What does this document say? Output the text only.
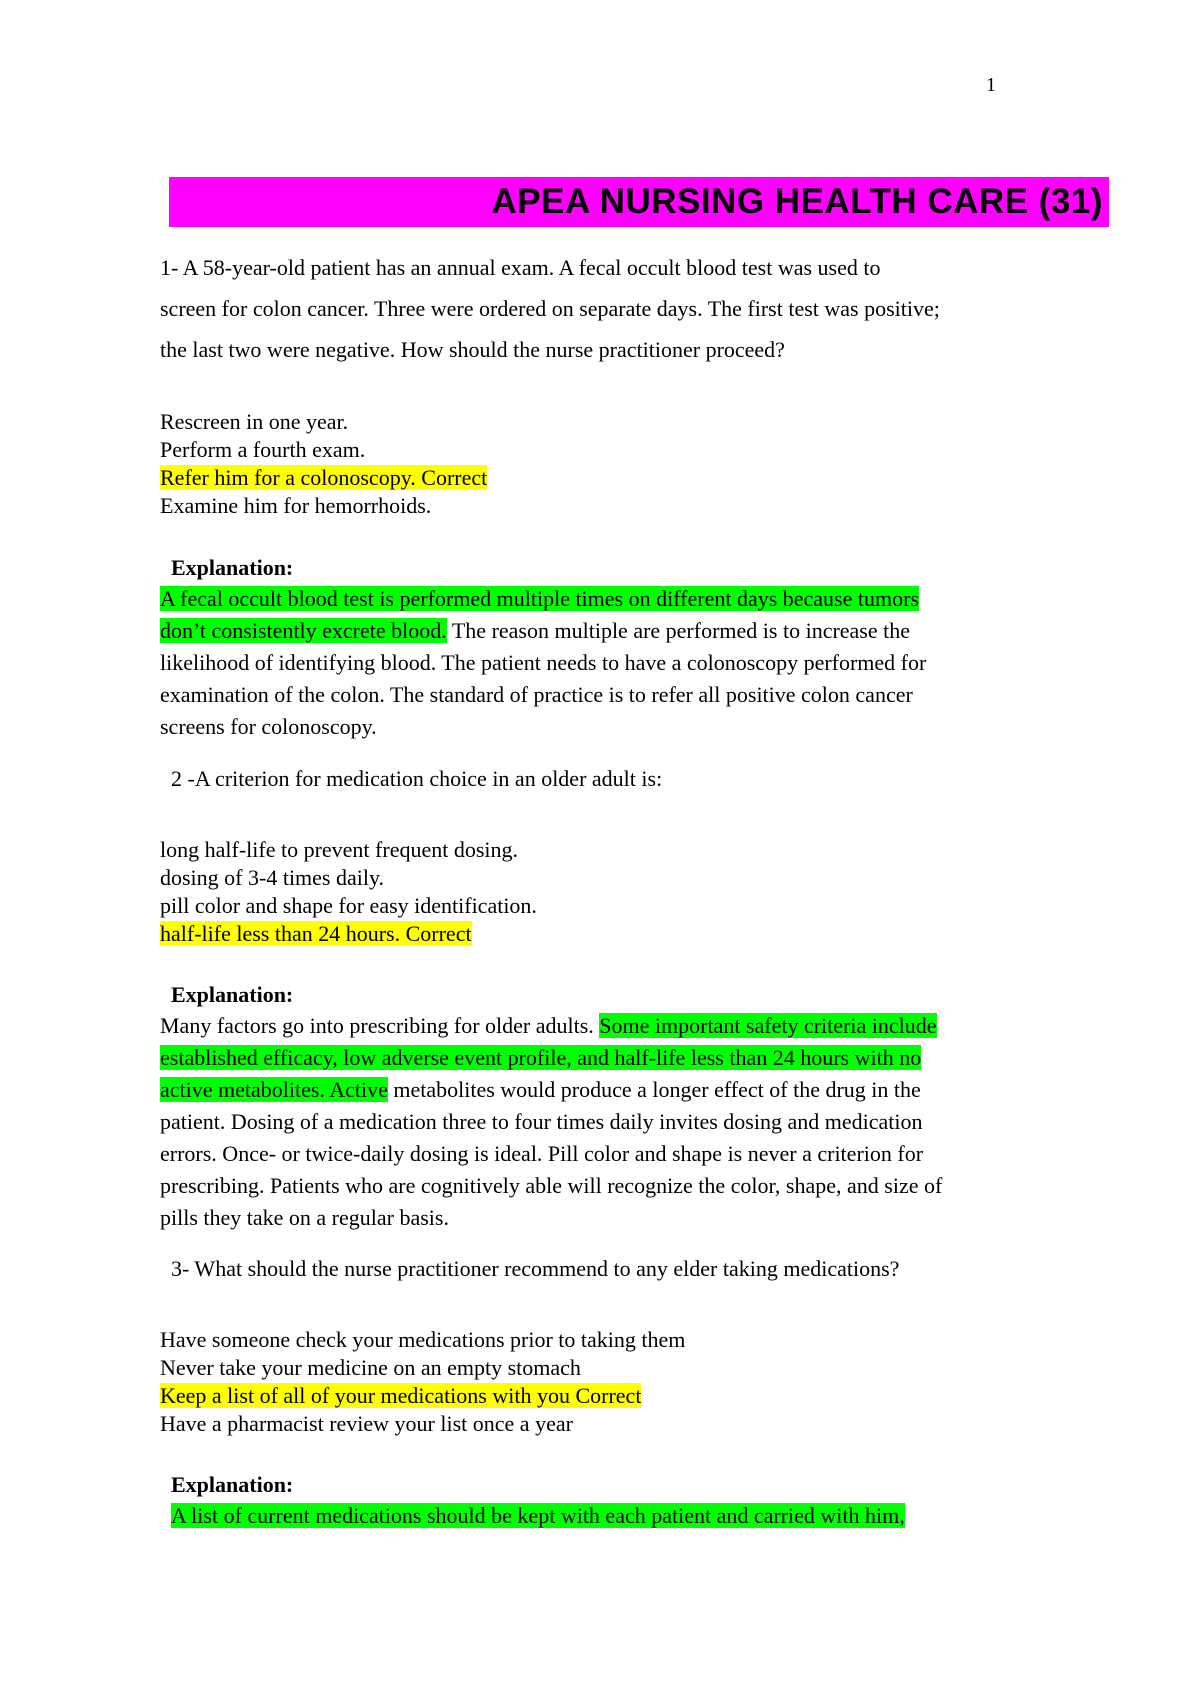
1
APEA NURSING HEALTH CARE (31)
1- A 58-year-old patient has an annual exam. A fecal occult blood test was used to
screen for colon cancer. Three were ordered on separate days. The first test was positive;
the last two were negative. How should the nurse practitioner proceed?
Rescreen in one year.
Perform a fourth exam.
Refer him for a colonoscopy. Correct
Examine him for hemorrhoids.
Explanation:
A fecal occult blood test is performed multiple times on different days because tumors
don’t consistently excrete blood. The reason multiple are performed is to increase the
likelihood of identifying blood. The patient needs to have a colonoscopy performed for
examination of the colon. The standard of practice is to refer all positive colon cancer
screens for colonoscopy.
2 -A criterion for medication choice in an older adult is:
long half-life to prevent frequent dosing.
dosing of 3-4 times daily.
pill color and shape for easy identification.
half-life less than 24 hours. Correct
Explanation:
Many factors go into prescribing for older adults. Some important safety criteria include
established efficacy, low adverse event profile, and half-life less than 24 hours with no
active metabolites. Active metabolites would produce a longer effect of the drug in the
patient. Dosing of a medication three to four times daily invites dosing and medication
errors. Once- or twice-daily dosing is ideal. Pill color and shape is never a criterion for
prescribing. Patients who are cognitively able will recognize the color, shape, and size of
pills they take on a regular basis.
3- What should the nurse practitioner recommend to any elder taking medications?
Have someone check your medications prior to taking them
Never take your medicine on an empty stomach
Keep a list of all of your medications with you Correct
Have a pharmacist review your list once a year
Explanation:
A list of current medications should be kept with each patient and carried with him,
